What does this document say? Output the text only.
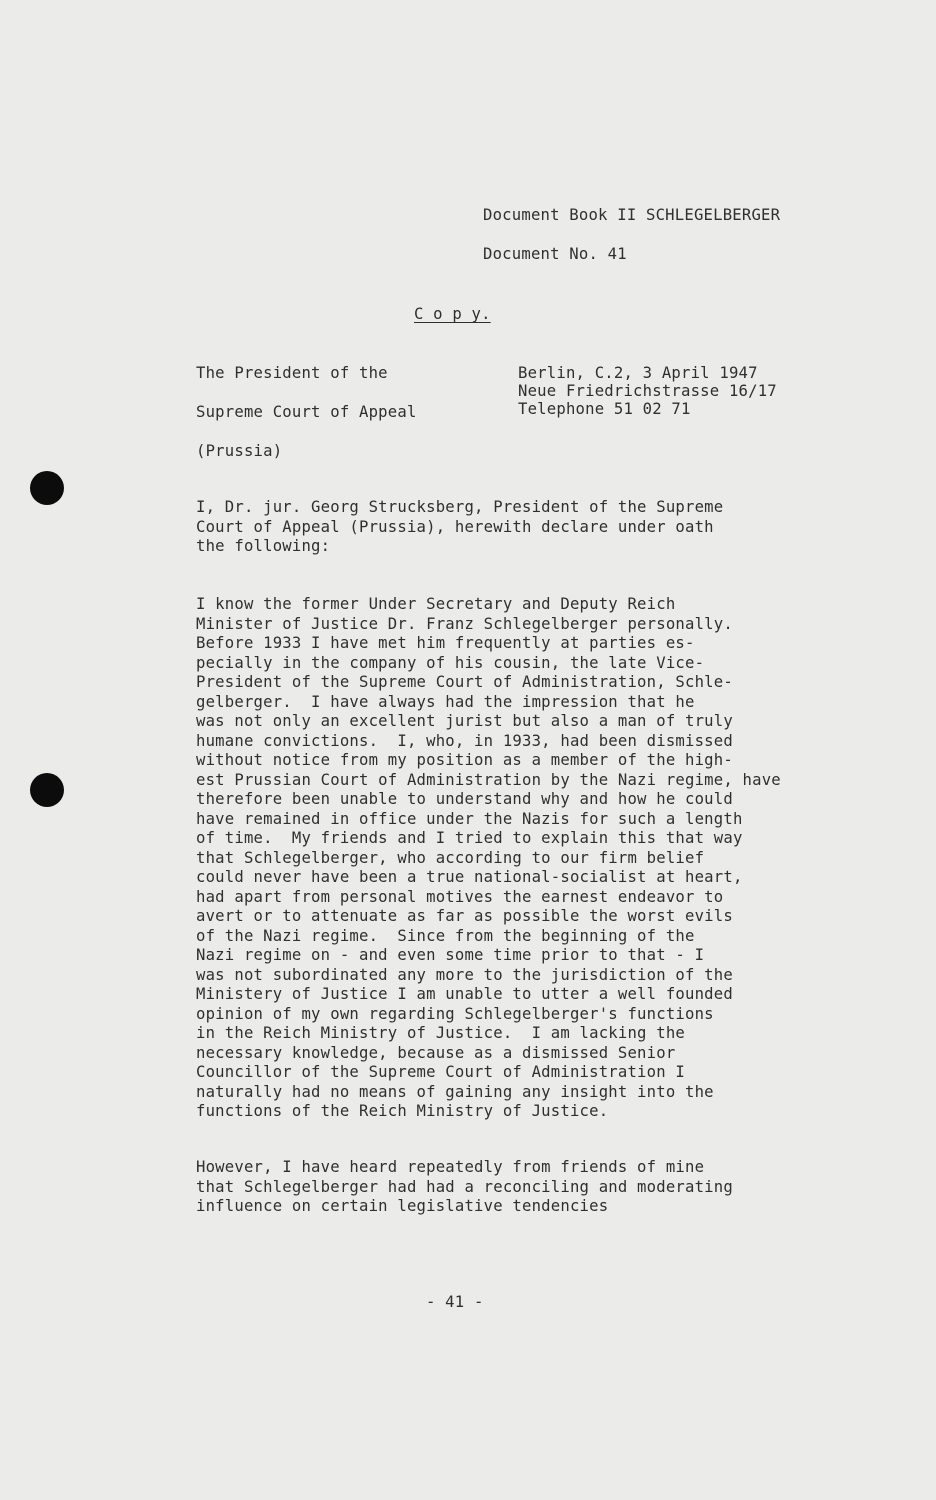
Document Book II SCHLEGELBERGER
Document No. 41
C o p y.
The President of the
Supreme Court of Appeal
(Prussia)
Berlin, C.2, 3 April 1947
Neue Friedrichstrasse 16/17
Telephone 51 02 71
I, Dr. jur. Georg Strucksberg, President of the Supreme
Court of Appeal (Prussia), herewith declare under oath
the following:
I know the former Under Secretary and Deputy Reich
Minister of Justice Dr. Franz Schlegelberger personally.
Before 1933 I have met him frequently at parties es-
pecially in the company of his cousin, the late Vice-
President of the Supreme Court of Administration, Schle-
gelberger.  I have always had the impression that he
was not only an excellent jurist but also a man of truly
humane convictions.  I, who, in 1933, had been dismissed
without notice from my position as a member of the high-
est Prussian Court of Administration by the Nazi regime, have
therefore been unable to understand why and how he could
have remained in office under the Nazis for such a length
of time.  My friends and I tried to explain this that way
that Schlegelberger, who according to our firm belief
could never have been a true national-socialist at heart,
had apart from personal motives the earnest endeavor to
avert or to attenuate as far as possible the worst evils
of the Nazi regime.  Since from the beginning of the
Nazi regime on - and even some time prior to that - I
was not subordinated any more to the jurisdiction of the
Ministery of Justice I am unable to utter a well founded
opinion of my own regarding Schlegelberger's functions
in the Reich Ministry of Justice.  I am lacking the
necessary knowledge, because as a dismissed Senior
Councillor of the Supreme Court of Administration I
naturally had no means of gaining any insight into the
functions of the Reich Ministry of Justice.
However, I have heard repeatedly from friends of mine
that Schlegelberger had had a reconciling and moderating
influence on certain legislative tendencies
- 41 -
